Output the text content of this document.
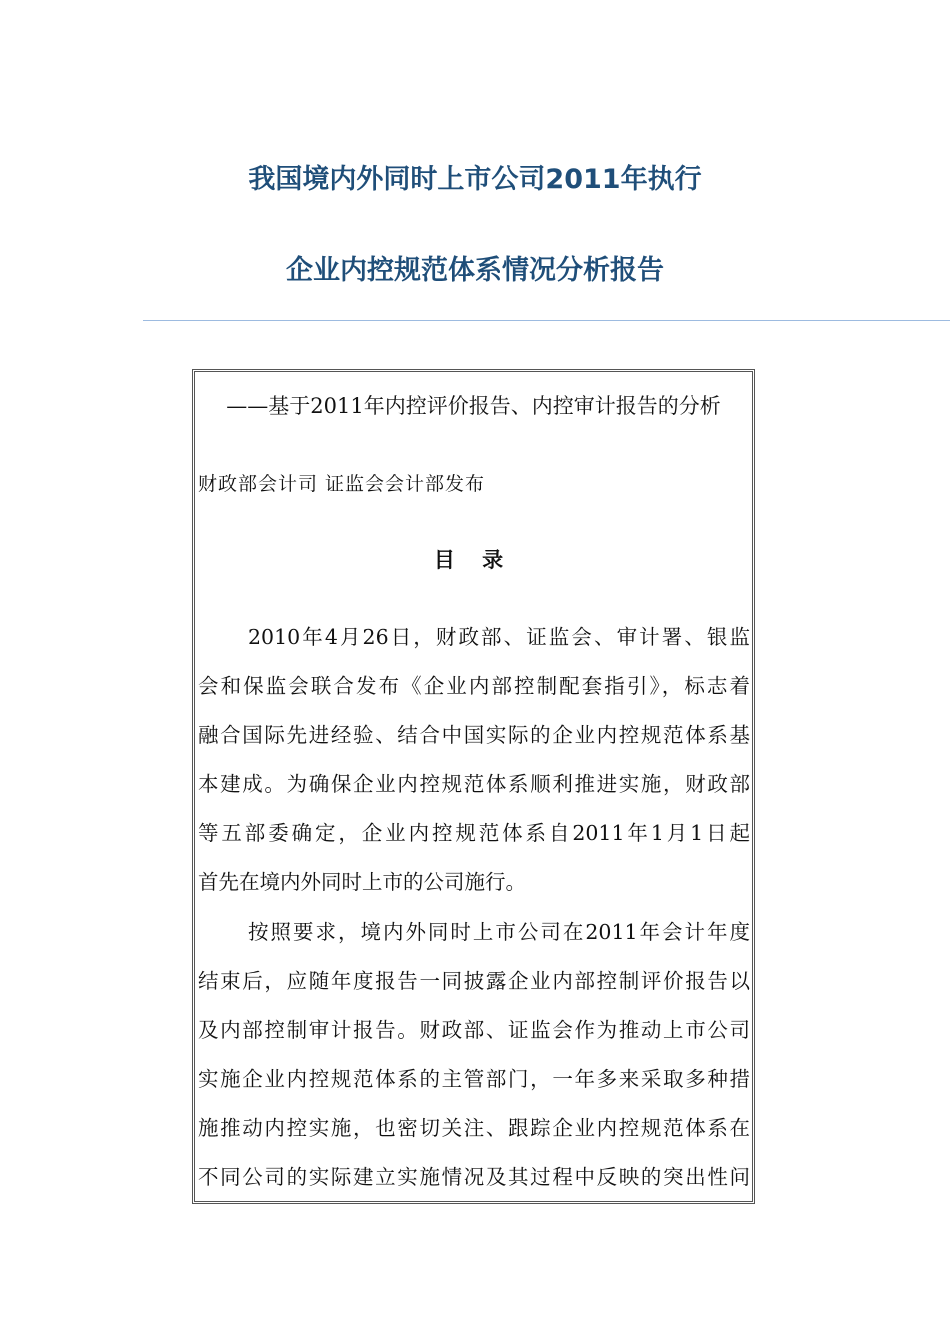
我国境内外同时上市公司2011年执行
企业内控规范体系情况分析报告
——基于2011年内控评价报告、内控审计报告的分析
财政部会计司 证监会会计部发布
目 录
2010年4月26日，财政部、证监会、审计署、银监
会和保监会联合发布《企业内部控制配套指引》，标志着
融合国际先进经验、结合中国实际的企业内控规范体系基
本建成。为确保企业内控规范体系顺利推进实施，财政部
等五部委确定，企业内控规范体系自2011年1月1日起
首先在境内外同时上市的公司施行。
按照要求，境内外同时上市公司在2011年会计年度
结束后，应随年度报告一同披露企业内部控制评价报告以
及内部控制审计报告。财政部、证监会作为推动上市公司
实施企业内控规范体系的主管部门，一年多来采取多种措
施推动内控实施，也密切关注、跟踪企业内控规范体系在
不同公司的实际建立实施情况及其过程中反映的突出性问
